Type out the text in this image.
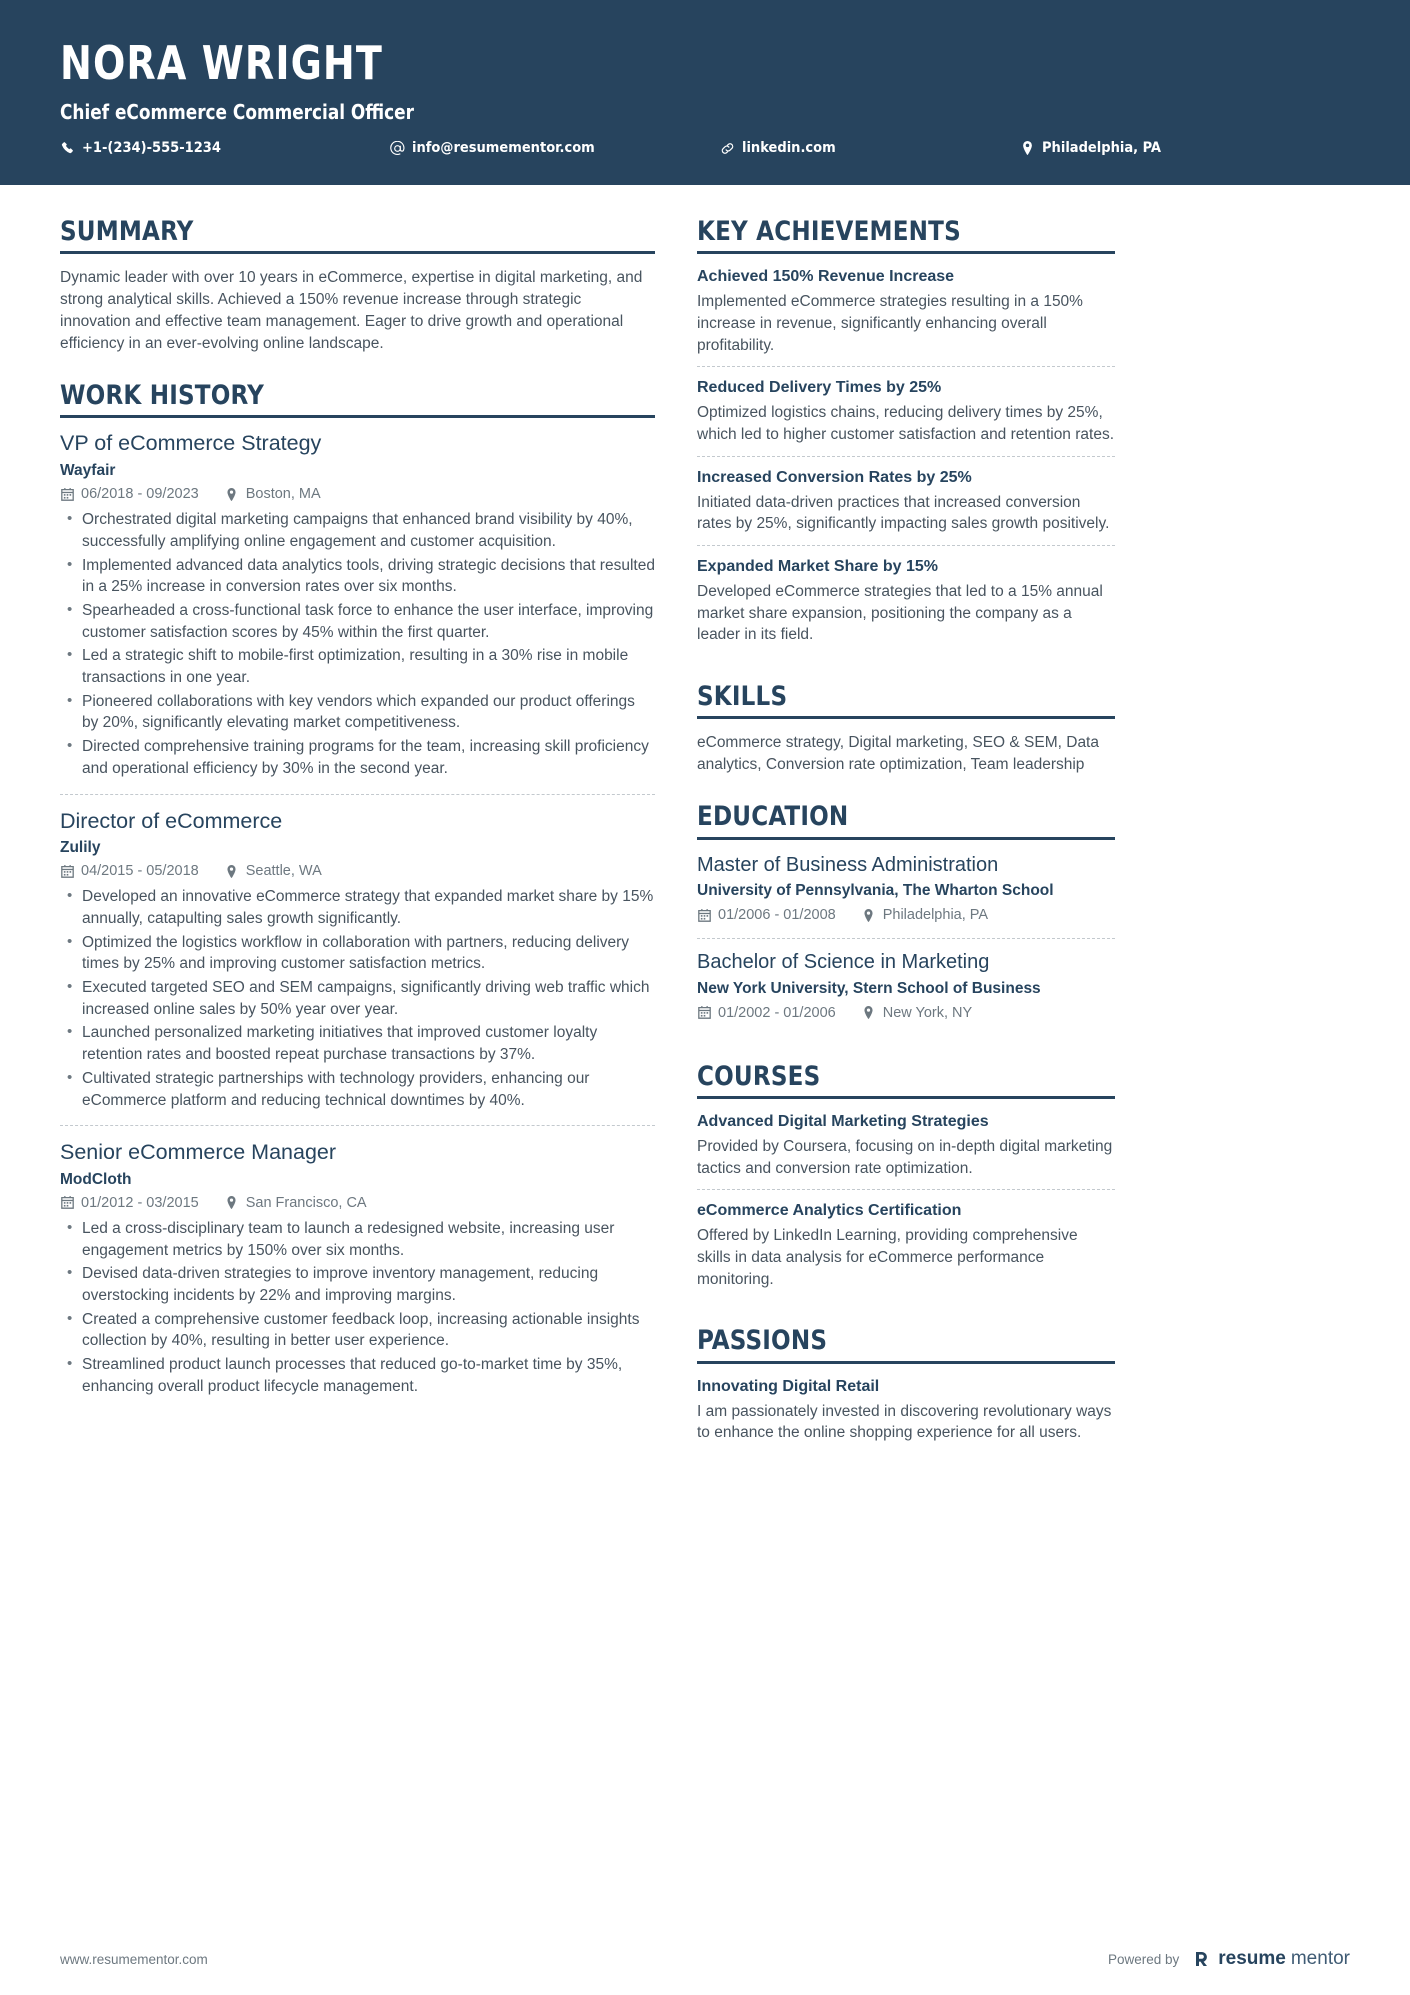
NORA WRIGHT
Chief eCommerce Commercial Officer
+1-(234)-555-1234	info@resumementor.com	linkedin.com	Philadelphia, PA
SUMMARY

Dynamic leader with over 10 years in eCommerce, expertise in digital marketing, and strong analytical skills. Achieved a 150% revenue increase through strategic innovation and effective team management. Eager to drive growth and operational efficiency in an ever-evolving online landscape.

WORK HISTORY
VP of eCommerce Strategy
Wayfair
06/2018 - 09/2023	Boston, MA
• Orchestrated digital marketing campaigns that enhanced brand visibility by 40%, successfully amplifying online engagement and customer acquisition.
• Implemented advanced data analytics tools, driving strategic decisions that resulted in a 25% increase in conversion rates over six months.
• Spearheaded a cross-functional task force to enhance the user interface, improving customer satisfaction scores by 45% within the first quarter.
• Led a strategic shift to mobile-first optimization, resulting in a 30% rise in mobile transactions in one year.
• Pioneered collaborations with key vendors which expanded our product offerings by 20%, significantly elevating market competitiveness.
• Directed comprehensive training programs for the team, increasing skill proficiency and operational efficiency by 30% in the second year.
Director of eCommerce
Zulily
04/2015 - 05/2018	Seattle, WA
• Developed an innovative eCommerce strategy that expanded market share by 15% annually, catapulting sales growth significantly.
• Optimized the logistics workflow in collaboration with partners, reducing delivery times by 25% and improving customer satisfaction metrics.
• Executed targeted SEO and SEM campaigns, significantly driving web traffic which increased online sales by 50% year over year.
• Launched personalized marketing initiatives that improved customer loyalty retention rates and boosted repeat purchase transactions by 37%.
• Cultivated strategic partnerships with technology providers, enhancing our eCommerce platform and reducing technical downtimes by 40%.
Senior eCommerce Manager
ModCloth
01/2012 - 03/2015	San Francisco, CA
• Led a cross-disciplinary team to launch a redesigned website, increasing user engagement metrics by 150% over six months.
• Devised data-driven strategies to improve inventory management, reducing overstocking incidents by 22% and improving margins.
• Created a comprehensive customer feedback loop, increasing actionable insights collection by 40%, resulting in better user experience.
• Streamlined product launch processes that reduced go-to-market time by 35%, enhancing overall product lifecycle management.
KEY ACHIEVEMENTS
Achieved 150% Revenue Increase

Implemented eCommerce strategies resulting in a 150% increase in revenue, significantly enhancing overall profitability.

Reduced Delivery Times by 25%

Optimized logistics chains, reducing delivery times by 25%, which led to higher customer satisfaction and retention rates.

Increased Conversion Rates by 25%

Initiated data-driven practices that increased conversion rates by 25%, significantly impacting sales growth positively.

Expanded Market Share by 15%

Developed eCommerce strategies that led to a 15% annual market share expansion, positioning the company as a leader in its field.

SKILLS

eCommerce strategy, Digital marketing, SEO & SEM, Data analytics, Conversion rate optimization, Team leadership

EDUCATION
Master of Business Administration
University of Pennsylvania, The Wharton School
01/2006 - 01/2008	Philadelphia, PA
Bachelor of Science in Marketing
New York University, Stern School of Business
01/2002 - 01/2006	New York, NY
COURSES
Advanced Digital Marketing Strategies

Provided by Coursera, focusing on in-depth digital marketing tactics and conversion rate optimization.

eCommerce Analytics Certification

Offered by LinkedIn Learning, providing comprehensive skills in data analysis for eCommerce performance monitoring.

PASSIONS
Innovating Digital Retail

I am passionately invested in discovering revolutionary ways to enhance the online shopping experience for all users.

www.resumementor.com	Powered by resume mentor
